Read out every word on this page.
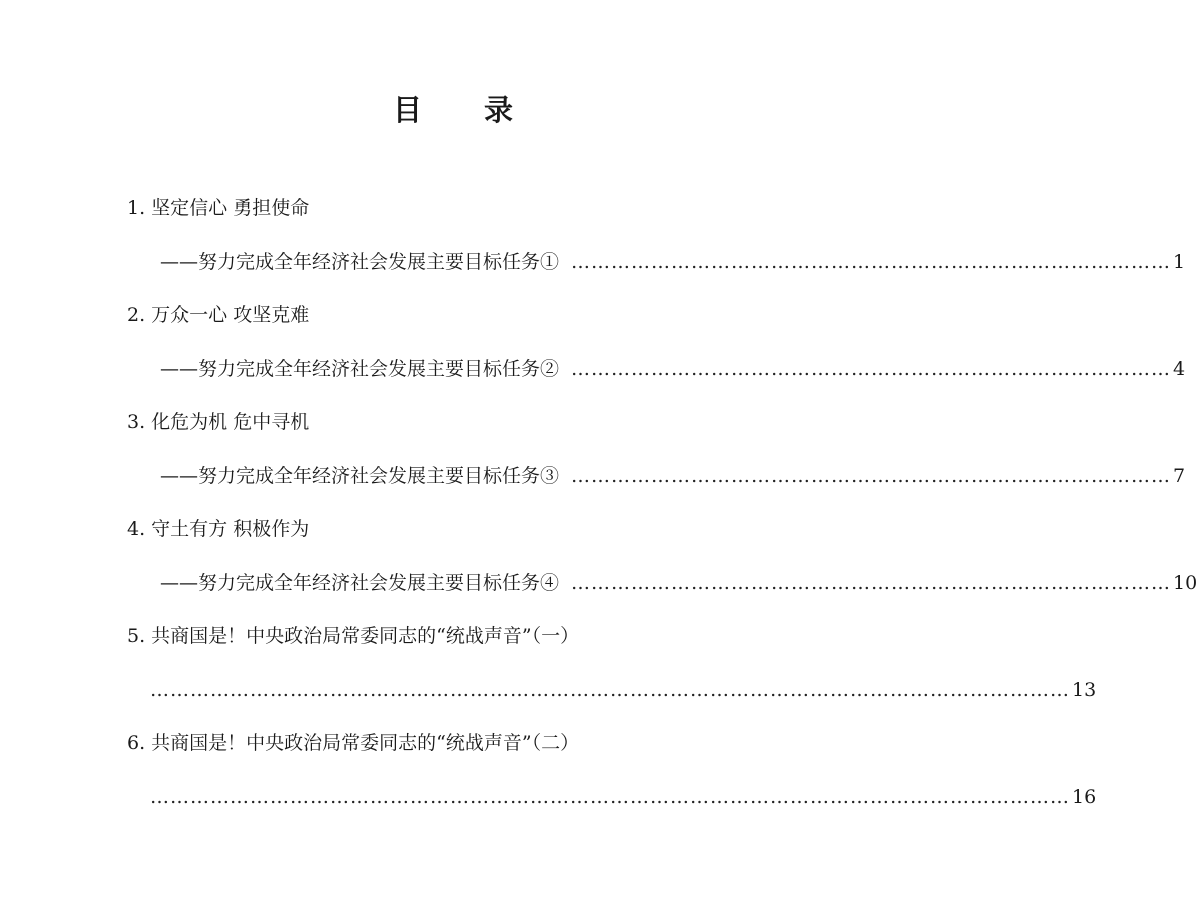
目 录
1. 坚定信心 勇担使命
——努力完成全年经济社会发展主要目标任务① ……………………………………………………………………………… 1
2. 万众一心 攻坚克难
——努力完成全年经济社会发展主要目标任务② ……………………………………………………………………………… 4
3. 化危为机 危中寻机
——努力完成全年经济社会发展主要目标任务③ ……………………………………………………………………………… 7
4. 守土有方 积极作为
——努力完成全年经济社会发展主要目标任务④ ……………………………………………………………………………… 10
5. 共商国是！中央政治局常委同志的“统战声音”（一）
………………………………………………………………………………………………………………………… 13
6. 共商国是！中央政治局常委同志的“统战声音”（二）
………………………………………………………………………………………………………………………… 16
